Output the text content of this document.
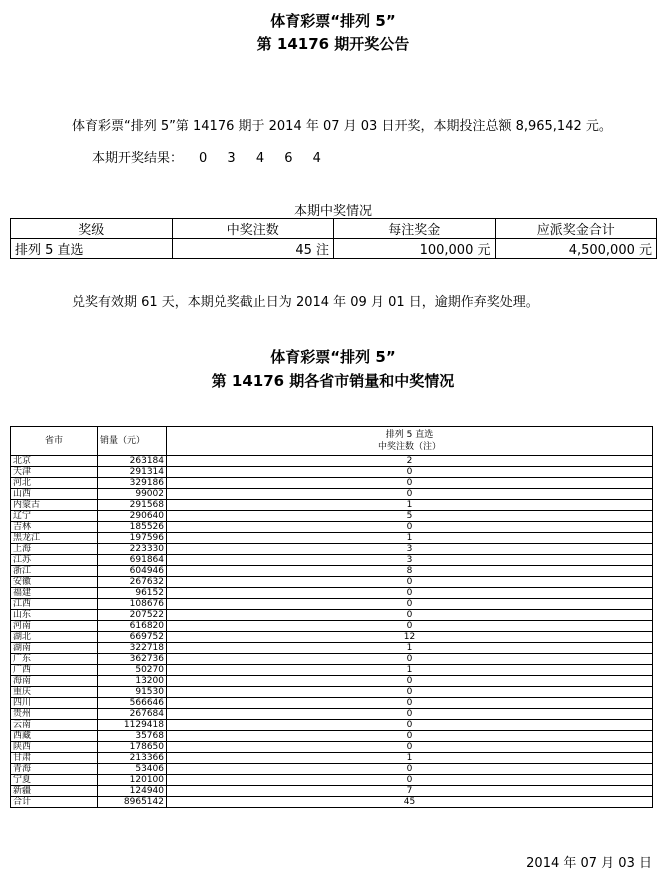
体育彩票“排列 5”
第 14176 期开奖公告
体育彩票“排列 5”第 14176 期于 2014 年 07 月 03 日开奖，本期投注总额 8,965,142 元。
本期开奖结果： 0 3 4 6 4
本期中奖情况
奖级	中奖注数	每注奖金	应派奖金合计
排列 5 直选	45 注	100,000 元	4,500,000 元
兑奖有效期 61 天，本期兑奖截止日为 2014 年 09 月 01 日，逾期作弃奖处理。
体育彩票“排列 5”
第 14176 期各省市销量和中奖情况
省市	销量（元）	排列 5 直选
中奖注数（注）

北京	263184	2
天津	291314	0
河北	329186	0
山西	99002	0
内蒙古	291568	1
辽宁	290640	5
吉林	185526	0
黑龙江	197596	1
上海	223330	3
江苏	691864	3
浙江	604946	8
安徽	267632	0
福建	96152	0
江西	108676	0
山东	207522	0
河南	616820	0
湖北	669752	12
湖南	322718	1
广东	362736	0
广西	50270	1
海南	13200	0
重庆	91530	0
四川	566646	0
贵州	267684	0
云南	1129418	0
西藏	35768	0
陕西	178650	0
甘肃	213366	1
青海	53406	0
宁夏	120100	0
新疆	124940	7
合计	8965142	45
2014 年 07 月 03 日
